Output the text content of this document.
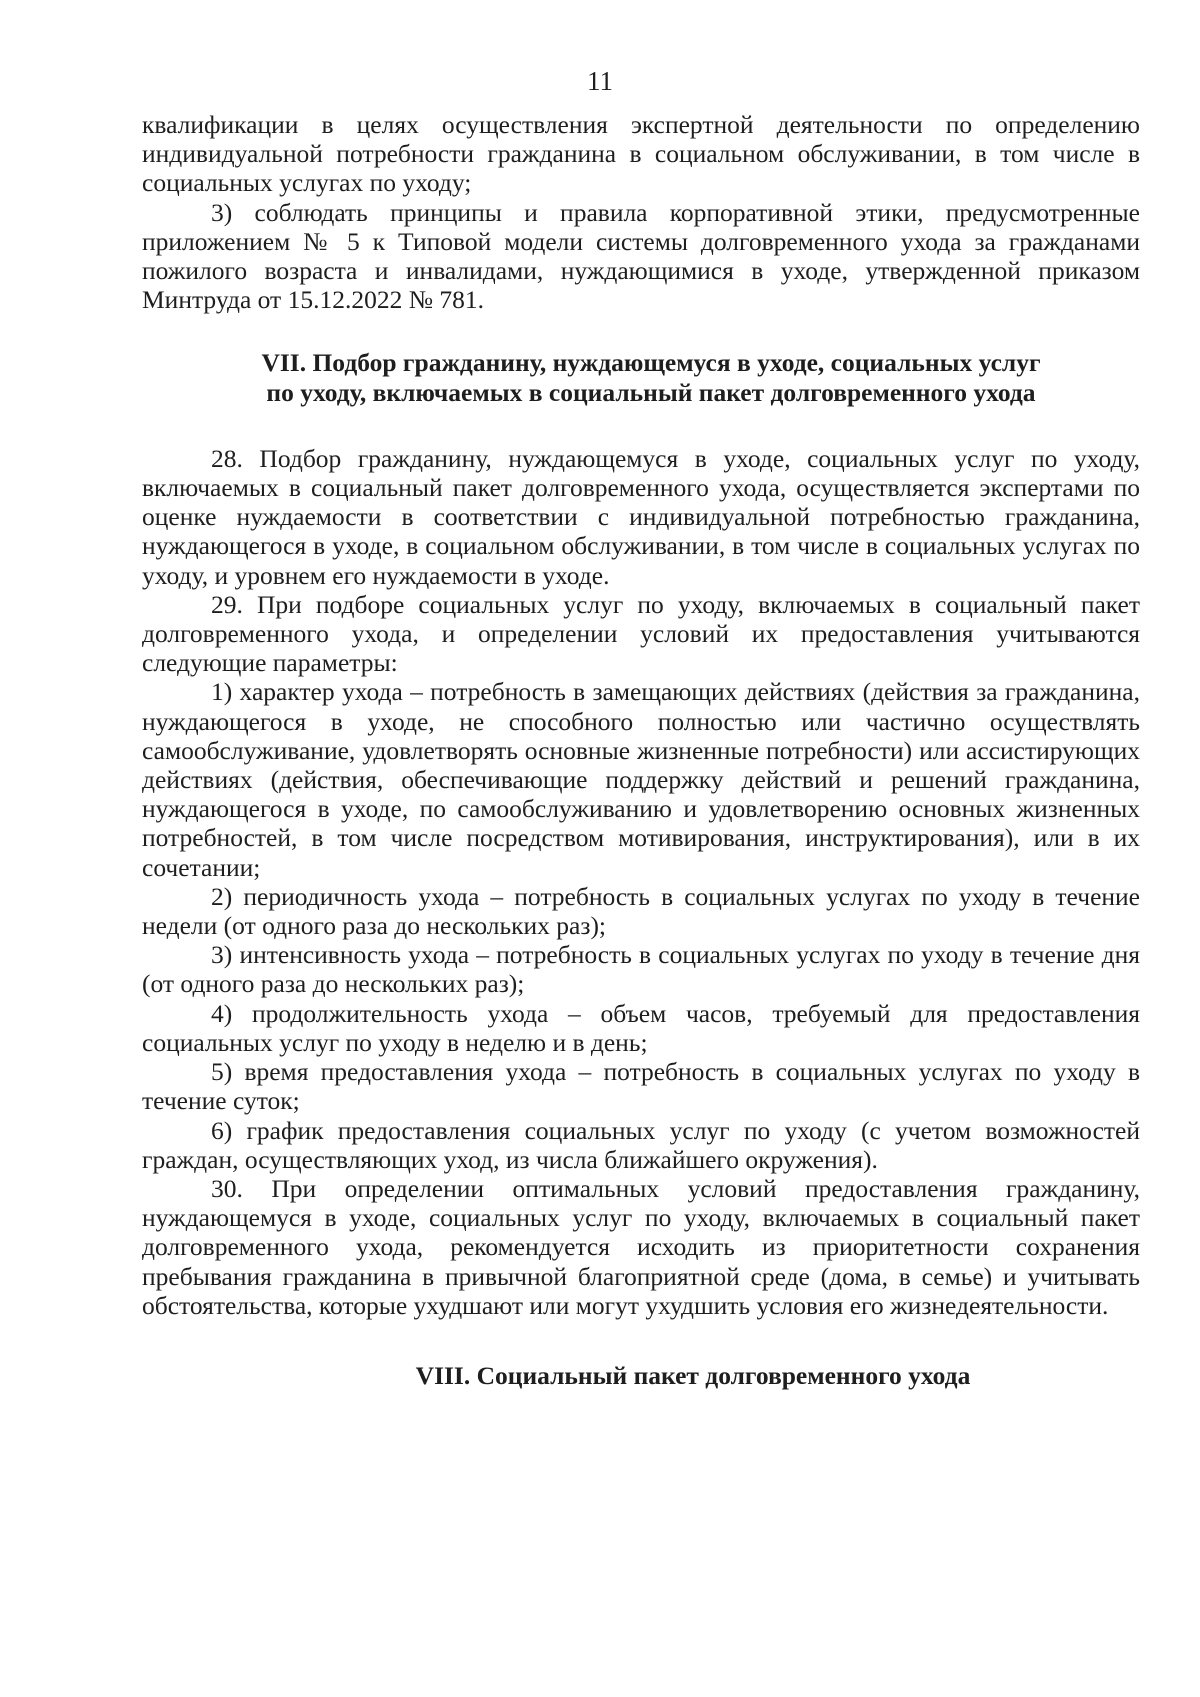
11

квалификации в целях осуществления экспертной деятельности по определению индивидуальной потребности гражданина в социальном обслуживании, в том числе в социальных услугах по уходу;

3) соблюдать принципы и правила корпоративной этики, предусмотренные приложением № 5 к Типовой модели системы долговременного ухода за гражданами пожилого возраста и инвалидами, нуждающимися в уходе, утвержденной приказом Минтруда от 15.12.2022 № 781.

VII. Подбор гражданину, нуждающемуся в уходе, социальных услуг по уходу, включаемых в социальный пакет долговременного ухода

28. Подбор гражданину, нуждающемуся в уходе, социальных услуг по уходу, включаемых в социальный пакет долговременного ухода, осуществляется экспертами по оценке нуждаемости в соответствии с индивидуальной потребностью гражданина, нуждающегося в уходе, в социальном обслуживании, в том числе в социальных услугах по уходу, и уровнем его нуждаемости в уходе.

29. При подборе социальных услуг по уходу, включаемых в социальный пакет долговременного ухода, и определении условий их предоставления учитываются следующие параметры:

1) характер ухода – потребность в замещающих действиях (действия за гражданина, нуждающегося в уходе, не способного полностью или частично осуществлять самообслуживание, удовлетворять основные жизненные потребности) или ассистирующих действиях (действия, обеспечивающие поддержку действий и решений гражданина, нуждающегося в уходе, по самообслуживанию и удовлетворению основных жизненных потребностей, в том числе посредством мотивирования, инструктирования), или в их сочетании;

2) периодичность ухода – потребность в социальных услугах по уходу в течение недели (от одного раза до нескольких раз);

3) интенсивность ухода – потребность в социальных услугах по уходу в течение дня (от одного раза до нескольких раз);

4) продолжительность ухода – объем часов, требуемый для предоставления социальных услуг по уходу в неделю и в день;

5) время предоставления ухода – потребность в социальных услугах по уходу в течение суток;

6) график предоставления социальных услуг по уходу (с учетом возможностей граждан, осуществляющих уход, из числа ближайшего окружения).

30. При определении оптимальных условий предоставления гражданину, нуждающемуся в уходе, социальных услуг по уходу, включаемых в социальный пакет долговременного ухода, рекомендуется исходить из приоритетности сохранения пребывания гражданина в привычной благоприятной среде (дома, в семье) и учитывать обстоятельства, которые ухудшают или могут ухудшить условия его жизнедеятельности.

VIII. Социальный пакет долговременного ухода
